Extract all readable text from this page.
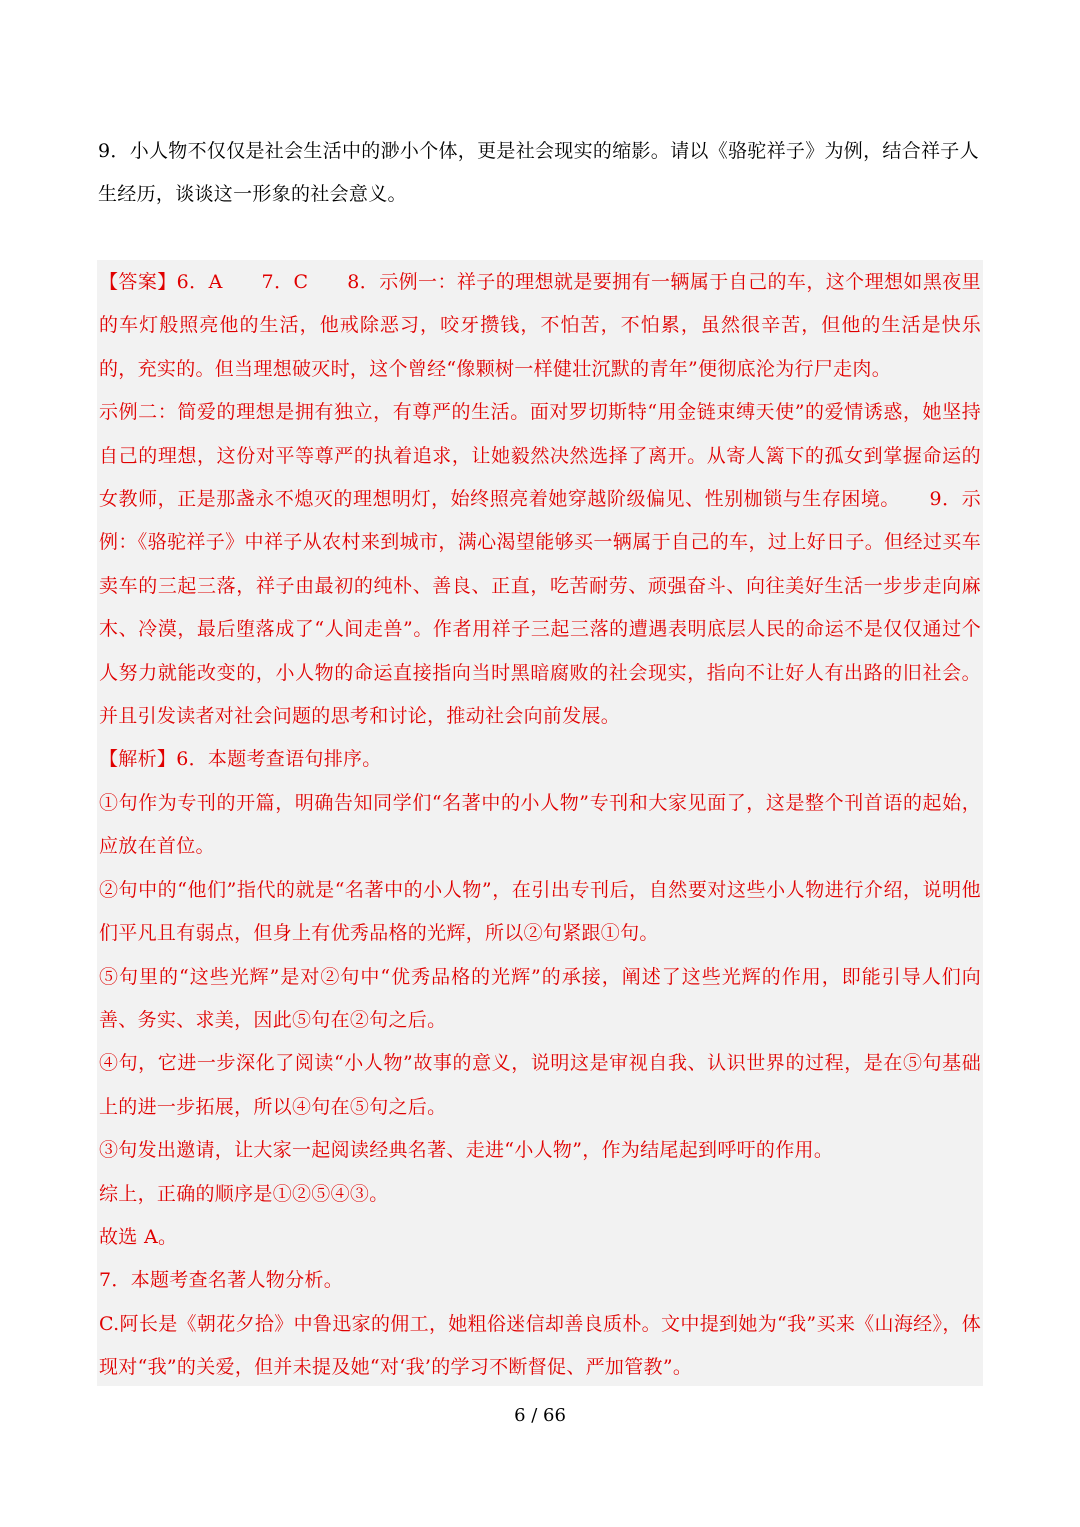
9．小人物不仅仅是社会生活中的渺小个体，更是社会现实的缩影。请以《骆驼祥子》为例，结合祥子人生经历，谈谈这一形象的社会意义。

【答案】6．A　　7．C　　8．示例一：祥子的理想就是要拥有一辆属于自己的车，这个理想如黑夜里的车灯般照亮他的生活，他戒除恶习，咬牙攒钱，不怕苦，不怕累，虽然很辛苦，但他的生活是快乐的，充实的。但当理想破灭时，这个曾经“像颗树一样健壮沉默的青年”便彻底沦为行尸走肉。

示例二：简爱的理想是拥有独立，有尊严的生活。面对罗切斯特“用金链束缚天使”的爱情诱惑，她坚持自己的理想，这份对平等尊严的执着追求，让她毅然决然选择了离开。从寄人篱下的孤女到掌握命运的女教师，正是那盏永不熄灭的理想明灯，始终照亮着她穿越阶级偏见、性别枷锁与生存困境。　　9．示例：《骆驼祥子》中祥子从农村来到城市，满心渴望能够买一辆属于自己的车，过上好日子。但经过买车卖车的三起三落，祥子由最初的纯朴、善良、正直，吃苦耐劳、顽强奋斗、向往美好生活一步步走向麻木、冷漠，最后堕落成了“人间走兽”。作者用祥子三起三落的遭遇表明底层人民的命运不是仅仅通过个人努力就能改变的，小人物的命运直接指向当时黑暗腐败的社会现实，指向不让好人有出路的旧社会。并且引发读者对社会问题的思考和讨论，推动社会向前发展。

【解析】6．本题考查语句排序。

①句作为专刊的开篇，明确告知同学们“名著中的小人物”专刊和大家见面了，这是整个刊首语的起始，应放在首位。

②句中的“他们”指代的就是“名著中的小人物”，在引出专刊后，自然要对这些小人物进行介绍，说明他们平凡且有弱点，但身上有优秀品格的光辉，所以②句紧跟①句。

⑤句里的“这些光辉”是对②句中“优秀品格的光辉”的承接，阐述了这些光辉的作用，即能引导人们向善、务实、求美，因此⑤句在②句之后。

④句，它进一步深化了阅读“小人物”故事的意义，说明这是审视自我、认识世界的过程，是在⑤句基础上的进一步拓展，所以④句在⑤句之后。

③句发出邀请，让大家一起阅读经典名著、走进“小人物”，作为结尾起到呼吁的作用。

综上，正确的顺序是①②⑤④③。

故选 A。

7．本题考查名著人物分析。

C.阿长是《朝花夕拾》中鲁迅家的佣工，她粗俗迷信却善良质朴。文中提到她为“我”买来《山海经》，体现对“我”的关爱，但并未提及她“对‘我’的学习不断督促、严加管教”。

6 / 66
